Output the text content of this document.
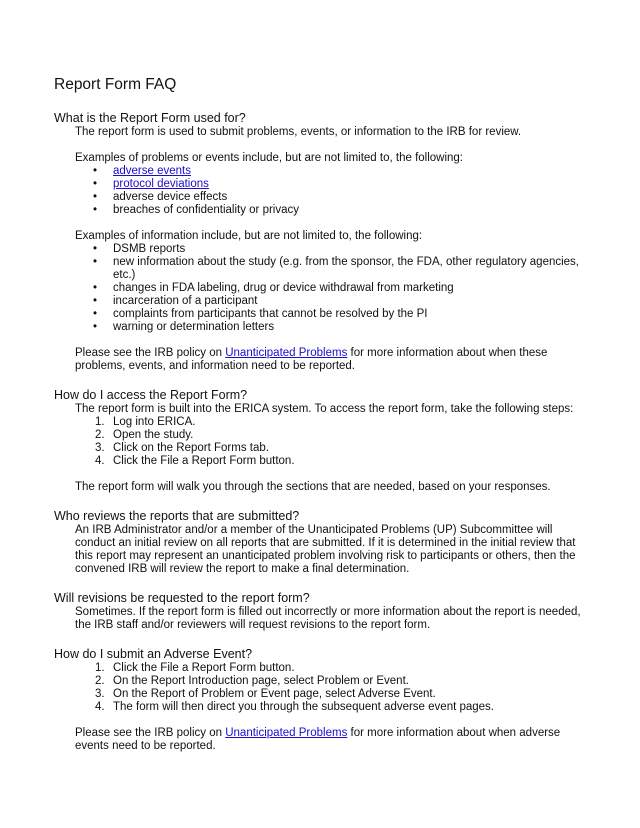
Report Form FAQ
What is the Report Form used for?

The report form is used to submit problems, events, or information to the IRB for review.

Examples of problems or events include, but are not limited to, the following:

• adverse events
• protocol deviations
• adverse device effects
• breaches of confidentiality or privacy

Examples of information include, but are not limited to, the following:

• DSMB reports
• new information about the study (e.g. from the sponsor, the FDA, other regulatory agencies, etc.)
• changes in FDA labeling, drug or device withdrawal from marketing
• incarceration of a participant
• complaints from participants that cannot be resolved by the PI
• warning or determination letters

Please see the IRB policy on Unanticipated Problems for more information about when these problems, events, and information need to be reported.

How do I access the Report Form?

The report form is built into the ERICA system. To access the report form, take the following steps:

1. Log into ERICA.
2. Open the study.
3. Click on the Report Forms tab.
4. Click the File a Report Form button.

The report form will walk you through the sections that are needed, based on your responses.

Who reviews the reports that are submitted?

An IRB Administrator and/or a member of the Unanticipated Problems (UP) Subcommittee will conduct an initial review on all reports that are submitted. If it is determined in the initial review that this report may represent an unanticipated problem involving risk to participants or others, then the convened IRB will review the report to make a final determination.

Will revisions be requested to the report form?

Sometimes. If the report form is filled out incorrectly or more information about the report is needed, the IRB staff and/or reviewers will request revisions to the report form.

How do I submit an Adverse Event?
1. Click the File a Report Form button.
2. On the Report Introduction page, select Problem or Event.
3. On the Report of Problem or Event page, select Adverse Event.
4. The form will then direct you through the subsequent adverse event pages.

Please see the IRB policy on Unanticipated Problems for more information about when adverse events need to be reported.
